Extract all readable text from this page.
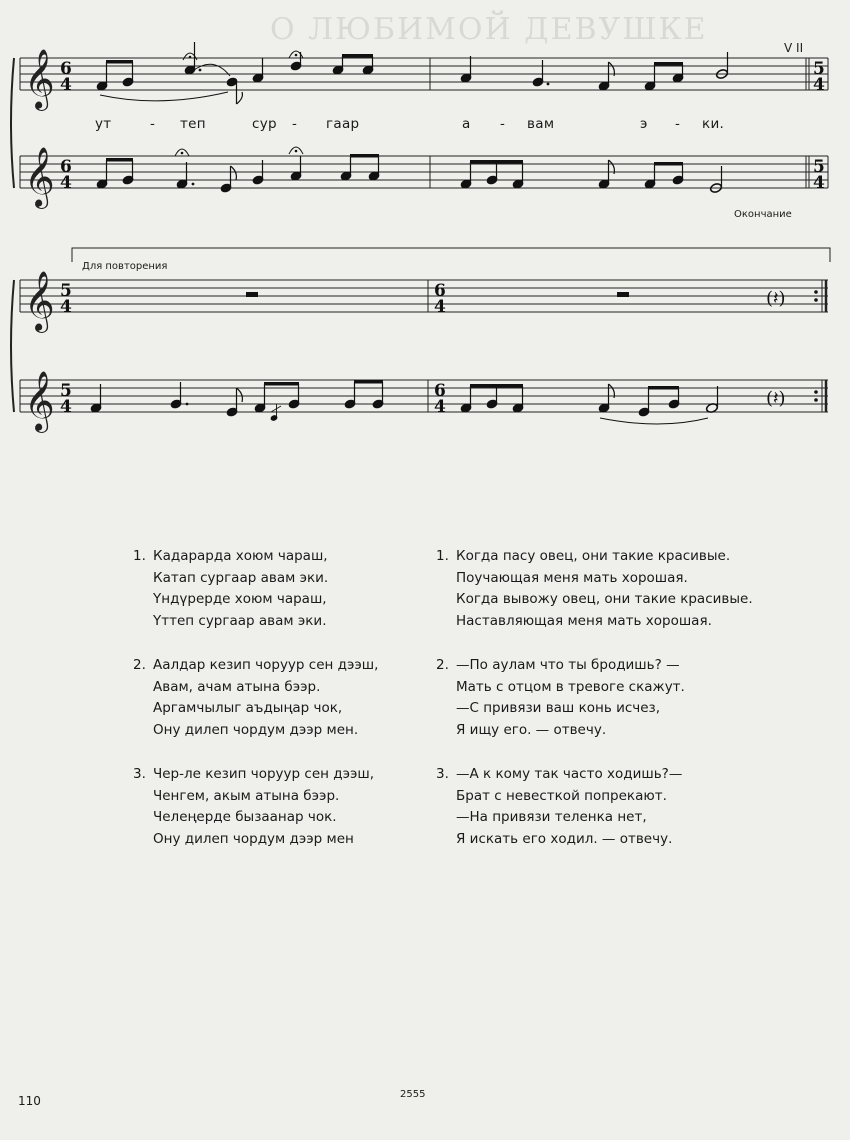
О ЛЮБИМОЙ ДЕВУШКЕ
𝄞
𝄞
𝄞
𝄞
6
4
5
4
6
4
5
4
5
4
6
4
5
4
6
4
V II
(𝄽)
(𝄽)
ут	- теп	сур - гаар	а - вам	э - ки.
Окончание
Для повторения
1. Кадарарда хоюм чараш,
Катап сургаар авам эки.
Үндүрерде хоюм чараш,
Үттеп сургаар авам эки.
2. Аалдар кезип чоруур сен дээш,
Авам, ачам атына бээр.
Аргамчылыг аъдыңар чок,
Ону дилеп чордум дээр мен.
3. Чер-ле кезип чоруур сен дээш,
Ченгем, акым атына бээр.
Челеңерде бызаанар чок.
Ону дилеп чордум дээр мен
1. Когда пасу овец, они такие красивые.
Поучающая меня мать хорошая.
Когда вывожу овец, они такие красивые.
Наставляющая меня мать хорошая.
2. —По аулам что ты бродишь? —
Мать с отцом в тревоге скажут.
—С привязи ваш конь исчез,
Я ищу его. — отвечу.
3. —А к кому так часто ходишь?—
Брат с невесткой попрекают.
—На привязи теленка нет,
Я искать его ходил. — отвечу.
110	2555
